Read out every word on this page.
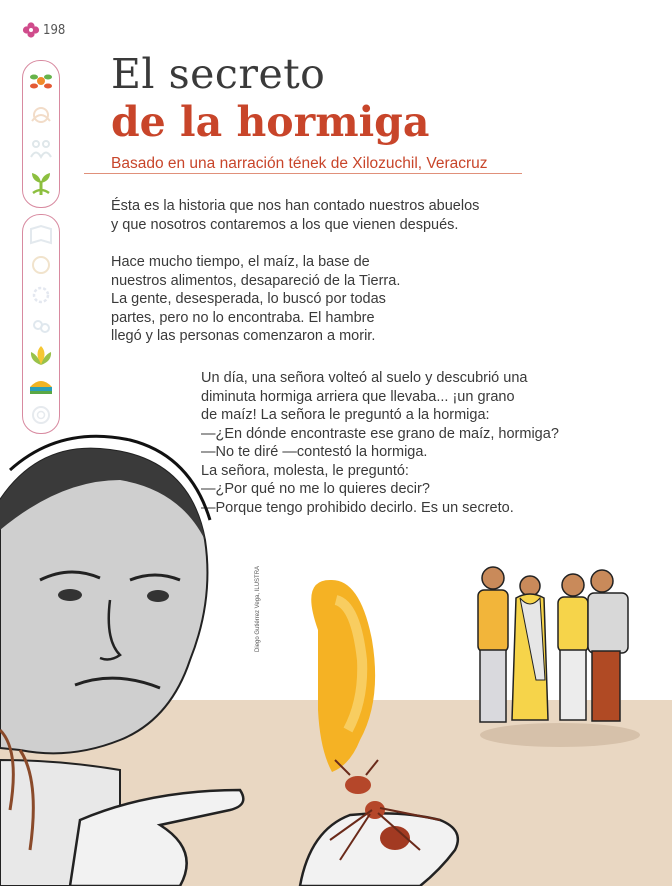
198
El secreto
de la hormiga
Basado en una narración tének de Xilozuchil, Veracruz
Ésta es la historia que nos han contado nuestros abuelos
y que nosotros contaremos a los que vienen después.
Hace mucho tiempo, el maíz, la base de
nuestros alimentos, desapareció de la Tierra.
La gente, desesperada, lo buscó por todas
partes, pero no lo encontraba. El hambre
llegó y las personas comenzaron a morir.
Un día, una señora volteó al suelo y descubrió una
diminuta hormiga arriera que llevaba... ¡un grano
de maíz! La señora le preguntó a la hormiga:
—¿En dónde encontraste ese grano de maíz, hormiga?
—No te diré —contestó la hormiga.
La señora, molesta, le preguntó:
—¿Por qué no me lo quieres decir?
—Porque tengo prohibido decirlo. Es un secreto.
Diego Gutiérrez Vega, ILUSTRA
